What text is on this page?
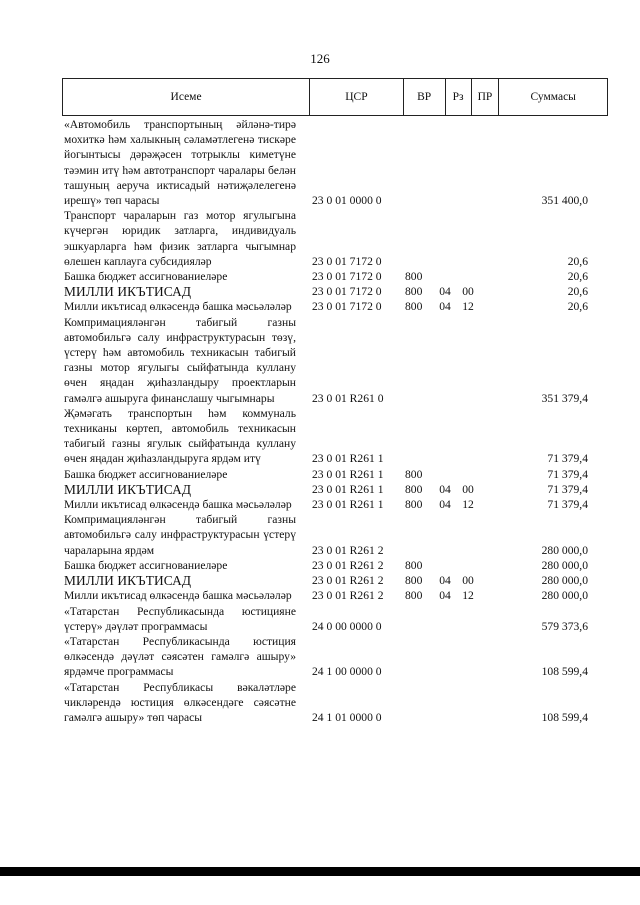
126
Исеме	ЦСР	ВР	Рз	ПР	Суммасы
«Автомобиль транспортының әйләнә-тирә мохиткә һәм халыкның сәламәтлегенә тискәре йогынтысы дәрәҗәсен тотрыклы киметүне тәэмин итү һәм автотранспорт чаралары белән ташуның аеруча иктисадый нәтиҗәлелегенә ирешү» төп чарасы	23 0 01 0000 0	351 400,0
Транспорт чараларын газ мотор ягулыгына күчергән юридик затларга, индивидуаль эшкуарларга һәм физик затларга чыгымнар өлешен каплауга субсидияләр	23 0 01 7172 0	20,6
Башка бюджет ассигнованиеләре	23 0 01 7172 0	800	20,6
МИЛЛИ ИКЪТИСАД	23 0 01 7172 0	800	04 00	20,6
Милли икътисад өлкәсендә башка мәсьәләләр	23 0 01 7172 0	800	04 12	20,6
Компримацияләнгән табигый газны автомобильгә салу инфраструктурасын төзү, үстерү һәм автомобиль техникасын табигый газны мотор ягулыгы сыйфатында куллану өчен яңадан җиһазландыру проектларын гамәлгә ашыруга финанслашу чыгымнары	23 0 01 R261 0	351 379,4
Җәмәгать транспортын һәм коммуналь техниканы көртеп, автомобиль техникасын табигый газны ягулык сыйфатында куллану өчен яңадан җиһазландыруга ярдәм итү	23 0 01 R261 1	71 379,4
Башка бюджет ассигнованиеләре	23 0 01 R261 1	800	71 379,4
МИЛЛИ ИКЪТИСАД	23 0 01 R261 1	800	04 00	71 379,4
Милли икътисад өлкәсендә башка мәсьәләләр	23 0 01 R261 1	800	04 12	71 379,4
Компримацияләнгән табигый газны автомобильгә салу инфраструктурасын үстерү чараларына ярдәм	23 0 01 R261 2	280 000,0
Башка бюджет ассигнованиеләре	23 0 01 R261 2	800	280 000,0
МИЛЛИ ИКЪТИСАД	23 0 01 R261 2	800	04 00	280 000,0
Милли икътисад өлкәсендә башка мәсьәләләр	23 0 01 R261 2	800	04 12	280 000,0
«Татарстан Республикасында юстицияне үстерү» дәүләт программасы	24 0 00 0000 0	579 373,6
«Татарстан Республикасында юстиция өлкәсендә дәүләт сәясәтен гамәлгә ашыру» ярдәмче программасы	24 1 00 0000 0	108 599,4
«Татарстан Республикасы вәкаләтләре чикләрендә юстиция өлкәсендәге сәясәтне гамәлгә ашыру» төп чарасы	24 1 01 0000 0	108 599,4
